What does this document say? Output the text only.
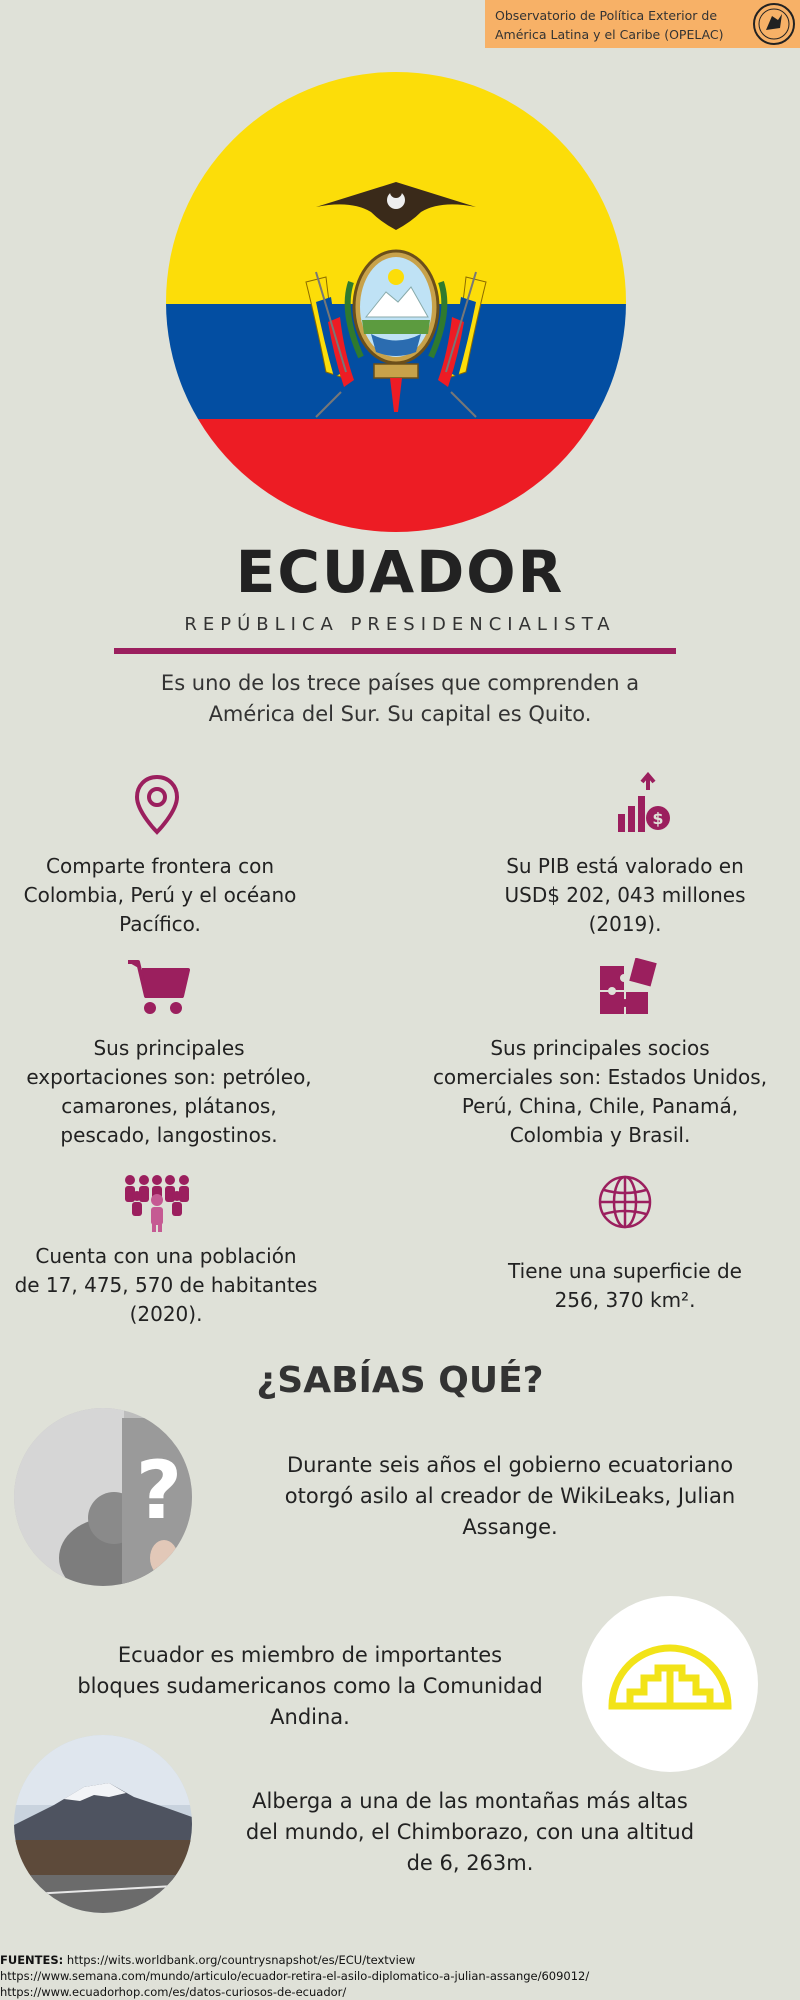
Observatorio de Política Exterior de
América Latina y el Caribe (OPELAC)
ECUADOR
REPÚBLICA PRESIDENCIALISTA
Es uno de los trece países que comprenden a
América del Sur. Su capital es Quito.
Comparte frontera con
Colombia, Perú y el océano
Pacífico.
$
Su PIB está valorado en
USD$ 202, 043 millones
(2019).
Sus principales
exportaciones son: petróleo,
camarones, plátanos,
pescado, langostinos.
Sus principales socios
comerciales son: Estados Unidos,
Perú, China, Chile, Panamá,
Colombia y Brasil.
Cuenta con una población
de 17, 475, 570 de habitantes
(2020).
Tiene una superficie de
256, 370 km².
¿SABÍAS QUÉ?
?	Durante seis años el gobierno ecuatoriano
otorgó asilo al creador de WikiLeaks, Julian
Assange.
Ecuador es miembro de importantes
bloques sudamericanos como la Comunidad
Andina.
Alberga a una de las montañas más altas
del mundo, el Chimborazo, con una altitud
de 6, 263m.
FUENTES: https://wits.worldbank.org/countrysnapshot/es/ECU/textview
https://www.semana.com/mundo/articulo/ecuador-retira-el-asilo-diplomatico-a-julian-assange/609012/
https://www.ecuadorhop.com/es/datos-curiosos-de-ecuador/
